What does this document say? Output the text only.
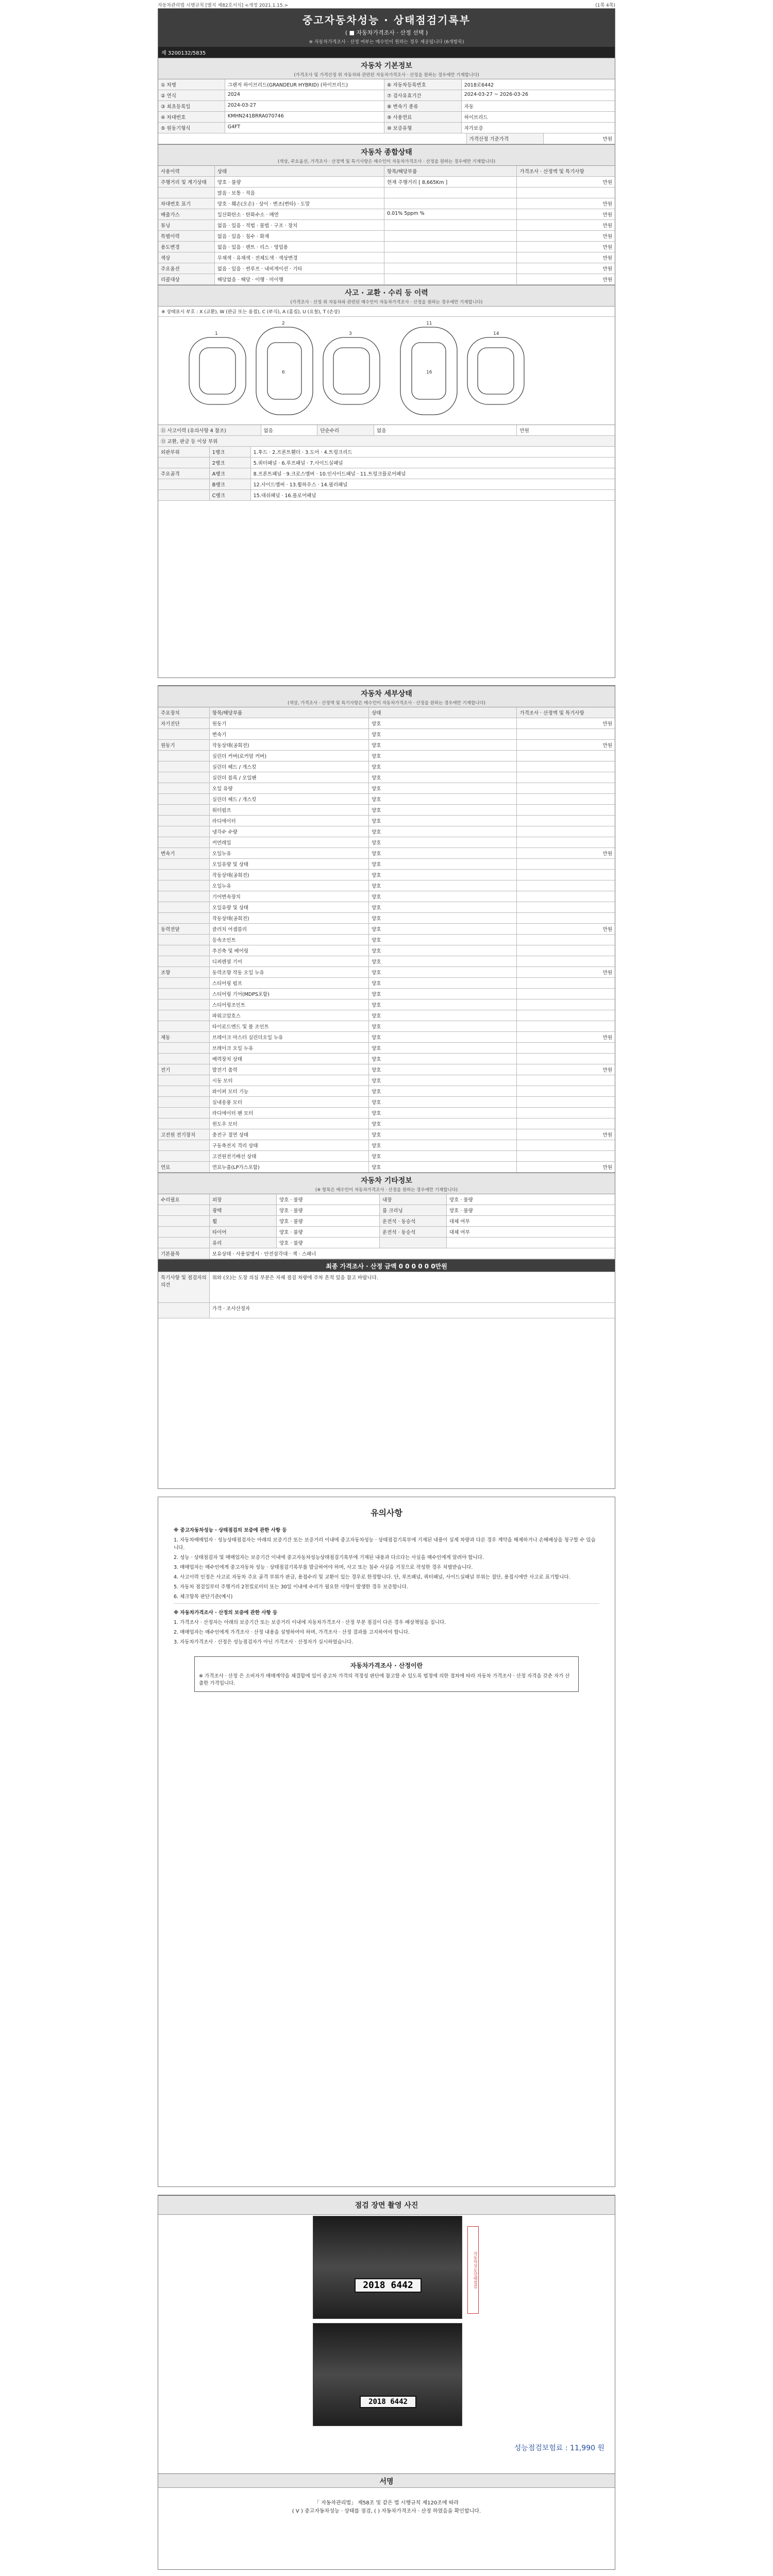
자동차관리법 시행규칙 [별지 제82호서식] <개정 2021.1.15.>	(1쪽 4쪽)
중고자동차성능 · 상태점검기록부
( ■ 자동차가격조사 · 산정 선택 )
※ 자동차가격조사 · 산정 여부는 매수인이 원하는 경우 제공됩니다 (6개항목)
제 3200132/5835
자동차 기본정보
(가격조사 및 가격산정 위 자동차와 관련된 자동차가격조사 · 산정을 원하는 경우에만 기재합니다)
① 차명	그랜저 하이브리드(GRANDEUR HYBRID) (하이브리드)	⑥ 자동차등록번호	2018로6442
② 연식	2024	⑦ 검사유효기간	2024-03-27 ~ 2026-03-26
③ 최초등록일	2024-03-27	⑧ 변속기 종류	자동
④ 차대번호	KMHN241BRRA070746	⑨ 사용연료	하이브리드
⑤ 원동기형식	G4FT	⑩ 보증유형	자가보증
가격산정 기준가격	만원
자동차 종합상태
(색상, 주요옵션, 가격조사 · 산정액 및 특기사항은 매수인이 자동차가격조사 · 산정을 원하는 경우에만 기재합니다)
사용이력	상태	항목/해당부품	가격조사 · 산정액 및 특기사항
주행거리 및 계기상태	양호 · 불량	현재 주행거리 [ 8,665Km ]	만원
많음 · 보통 · 적음
차대번호 표기	양호 · 훼손(오손) · 상이 · 변조(변타) · 도말	만원
배출가스	일산화탄소 · 탄화수소 · 매연	0.01% 5ppm %	만원
튜닝	없음 · 있음 · 적법 · 불법 · 구조 · 장치	만원
특별이력	없음 · 있음 · 침수 · 화재	만원
용도변경	없음 · 있음 · 렌트 · 리스 · 영업용	만원
색상	무채색 · 유채색 · 전체도색 · 색상변경	만원
주요옵션	없음 · 있음 · 썬루프 · 내비게이션 · 기타	만원
리콜대상	해당없음 · 해당 · 이행 · 미이행	만원
사고 · 교환 · 수리 등 이력
(가격조사 · 산정 위 자동차와 관련된 매수인이 자동차가격조사 · 산정을 원하는 경우에만 기재합니다)
※ 상태표시 부호 : X (교환), W (판금 또는 용접), C (부식), A (흠집), U (요철), T (손상)
1
2
3
11
14
6	16
⑪ 사고이력 (유의사항 4 참조)	없음	단순수리	없음	만원
⑫ 교환, 판금 등 이상 부위
외판부위	1랭크	1.후드 · 2.프론트휀더 · 3.도어 · 4.트렁크리드
2랭크	5.쿼터패널 · 6.루프패널 · 7.사이드실패널
주요골격	A랭크	8.프론트패널 · 9.크로스멤버 · 10.인사이드패널 · 11.트렁크플로어패널
B랭크	12.사이드멤버 · 13.휠하우스 · 14.필러패널
C랭크	15.대쉬패널 · 16.플로어패널
자동차 세부상태
(색상, 가격조사 · 산정액 및 특기사항은 매수인이 자동차가격조사 · 산정을 원하는 경우에만 기재합니다)
주요장치	항목/해당부품	상태	가격조사 · 산정액 및 특기사항
자기진단	원동기	양호	만원
변속기	양호
원동기	작동상태(공회전)	양호	만원
실린더 커버(로커암 커버)	양호
실린더 헤드 / 개스킷	양호
실린더 블록 / 오일팬	양호
오일 유량	양호
실린더 헤드 / 개스킷	양호
워터펌프	양호
라디에이터	양호
냉각수 수량	양호
커먼레일	양호
변속기	오일누유	양호	만원
오일유량 및 상태	양호
작동상태(공회전)	양호
오일누유	양호
기어변속장치	양호
오일유량 및 상태	양호
작동상태(공회전)	양호
동력전달	클러치 어셈블리	양호	만원
등속조인트	양호
추진축 및 베어링	양호
디퍼렌셜 기어	양호
조향	동력조향 작동 오일 누유	양호	만원
스티어링 펌프	양호
스티어링 기어(MDPS포함)	양호
스티어링조인트	양호
파워고압호스	양호
타이로드엔드 및 볼 조인트	양호
제동	브레이크 마스터 실린더오일 누유	양호	만원
브레이크 오일 누유	양호
배력장치 상태	양호
전기	발전기 출력	양호	만원
시동 모터	양호
와이퍼 모터 기능	양호
실내송풍 모터	양호
라디에이터 팬 모터	양호
윈도우 모터	양호
고전원 전기장치	충전구 절연 상태	양호	만원
구동축전지 격리 상태	양호
고전원전기배선 상태	양호
연료	연료누출(LP가스포함)	양호	만원
자동차 기타정보
(※ 항목은 매수인이 자동차가격조사 · 산정을 원하는 경우에만 기재합니다)
수리필요	외장	양호 · 불량	내장	양호 · 불량
광택	양호 · 불량	룸 크리닝	양호 · 불량
휠	양호 · 불량	운전석 · 동승석	대체 여부
타이어	양호 · 불량	운전석 · 동승석	대체 여부
유리	양호 · 불량
기본품목	보유상태 · 사용설명서 · 안전삼각대 · 잭 · 스패너
최종 가격조사 · 산정 금액 0 0 0 0 0 0만원
특기사항 및 점검자의 의견
위와 (오)는 도장 의심 부분은 자체 점검 차량에 주차 흔적 있음 참고 바랍니다.
가격 · 조사산정자
유의사항

※ 중고자동차성능 · 상태점검의 보증에 관한 사항 등

1. 자동차매매업자 · 성능상태점검자는 아래의 보증기간 또는 보증거리 이내에 중고자동차성능 · 상태점검기록부에 기재된 내용이 실제 차량과 다른 경우 계약을 해제하거나 손해배상을 청구할 수 있습니다.

2. 성능 · 상태점검자 및 매매업자는 보증기간 이내에 중고자동차성능상태점검기록부에 기재된 내용과 다르다는 사실을 매수인에게 알려야 합니다.

3. 매매업자는 매수인에게 중고자동차 성능 · 상태점검기록부를 발급하여야 하며, 사고 또는 침수 사실을 거짓으로 작성한 경우 처벌받습니다.

4. 사고이력 인정은 사고로 자동차 주요 골격 부위가 판금, 용접수리 및 교환이 있는 경우로 한정합니다. 단, 루프패널, 쿼터패널, 사이드실패널 부위는 절단, 용접시에만 사고로 표기합니다.

5. 자동차 점검일부터 주행거리 2천킬로미터 또는 30일 이내에 수리가 필요한 사항이 발생한 경우 보증합니다.

6. 체크항목 판단기준(예시)

※ 자동차가격조사 · 산정의 보증에 관한 사항 등

1. 가격조사 · 산정자는 아래의 보증기간 또는 보증거리 이내에 자동차가격조사 · 산정 부분 점검이 다른 경우 배상책임을 집니다.

2. 매매업자는 매수인에게 가격조사 · 산정 내용을 설명하여야 하며, 가격조사 · 산정 결과를 고지하여야 합니다.

3. 자동차가격조사 · 산정은 성능점검자가 아닌 가격조사 · 산정자가 실시하였습니다.

자동차가격조사 · 산정이란
※ 가격조사 · 산정 은 소비자가 매매계약을 체결함에 있어 중고차 가격의 적정성 판단에 참고할 수 있도록 법정에 의한 절차에 따라 자동차 가격조사 · 산정 자격을 갖춘 자가 산출한 가격입니다.
점검 장면 촬영 사진
2018 6442	자동차성능상태점검
2018 6442
성능점검보험료 : 11,990 원
서명
「 자동차관리법」 제58조 및 같은 법 시행규칙 제120조에 따라
( V ) 중고자동차성능 · 상태를 점검, ( ) 자동차가격조사 · 산정 하였음을 확인합니다.
